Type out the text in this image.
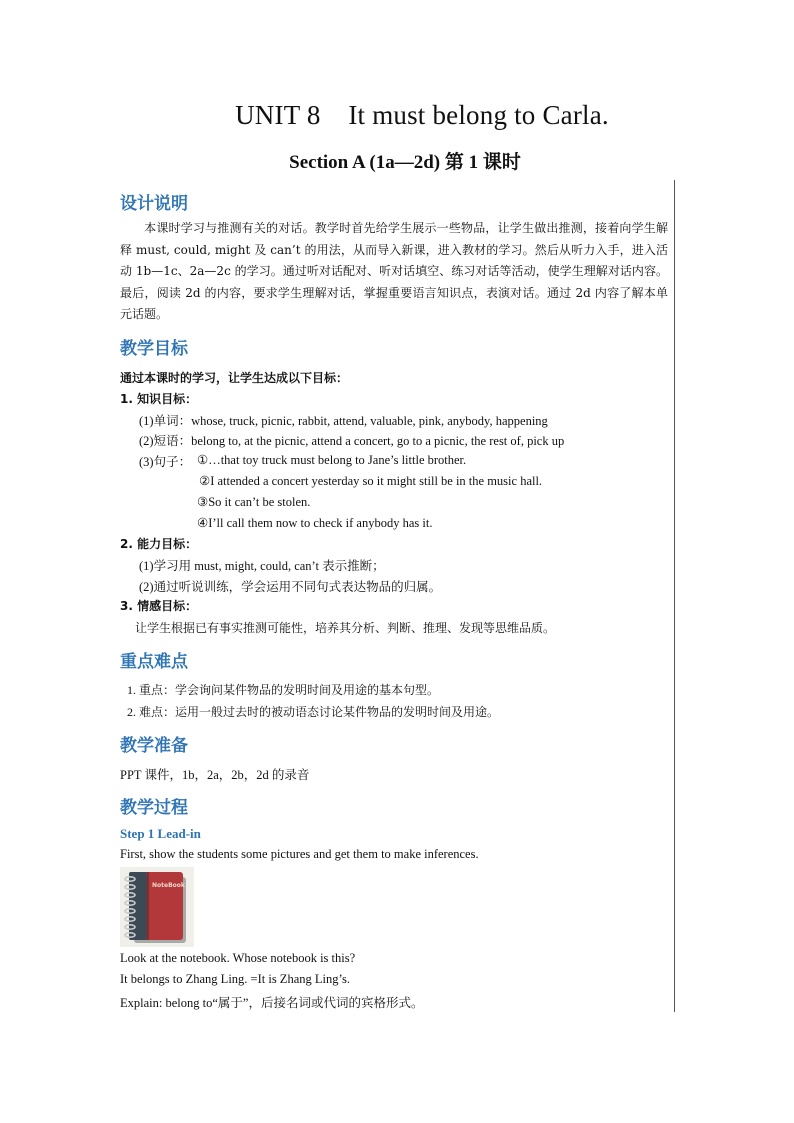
UNIT 8    It must belong to Carla.
Section A (1a—2d) 第 1 课时
设计说明
本课时学习与推测有关的对话。教学时首先给学生展示一些物品，让学生做出推测，接着向学生解释 must, could, might 及 can’t 的用法，从而导入新课，进入教材的学习。然后从听力入手，进入活动 1b—1c、2a—2c 的学习。通过听对话配对、听对话填空、练习对话等活动，使学生理解对话内容。最后，阅读 2d 的内容，要求学生理解对话，掌握重要语言知识点，表演对话。通过 2d 内容了解本单元话题。
教学目标
通过本课时的学习，让学生达成以下目标：
1. 知识目标：
(1)单词：whose, truck, picnic, rabbit, attend, valuable, pink, anybody, happening
(2)短语：belong to, at the picnic, attend a concert, go to a picnic, the rest of, pick up
(3)句子： ①…that toy truck must belong to Jane’s little brother.
②I attended a concert yesterday so it might still be in the music hall.
③So it can’t be stolen.
④I’ll call them now to check if anybody has it.
2. 能力目标：
(1)学习用 must, might, could, can’t 表示推断；
(2)通过听说训练，学会运用不同句式表达物品的归属。
3. 情感目标：
让学生根据已有事实推测可能性，培养其分析、判断、推理、发现等思维品质。
重点难点
1. 重点：学会询问某件物品的发明时间及用途的基本句型。
2. 难点：运用一般过去时的被动语态讨论某件物品的发明时间及用途。
教学准备
PPT 课件，1b，2a，2b，2d 的录音
教学过程
Step 1 Lead-in
First, show the students some pictures and get them to make inferences.
NoteBook
Look at the notebook. Whose notebook is this?
It belongs to Zhang Ling. =It is Zhang Ling’s.
Explain: belong to“属于”，后接名词或代词的宾格形式。
